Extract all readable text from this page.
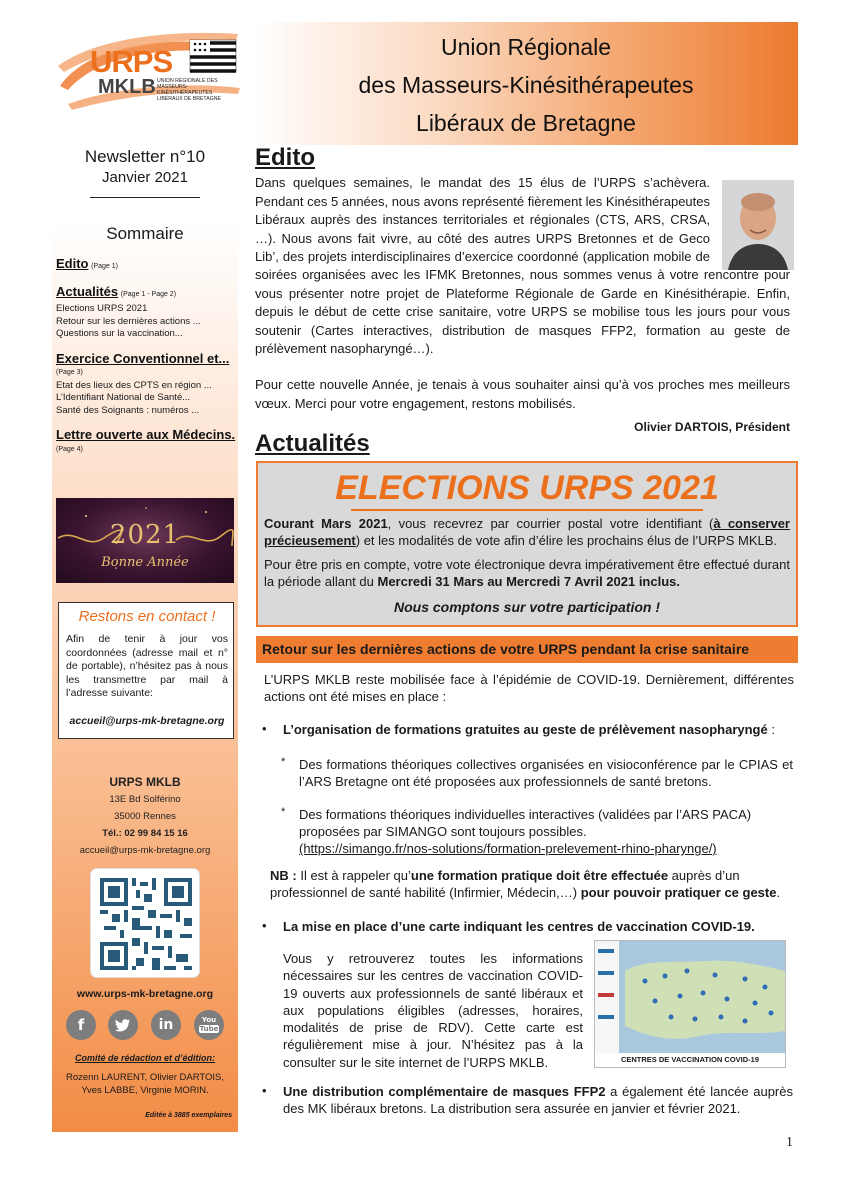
URPS
MKLB UNION RÉGIONALE DES
MASSEURS-KINÉSITHÉRAPEUTES
LIBÉRAUX DE BRETAGNE
Newsletter n°10
Janvier 2021
Sommaire
Edito (Page 1)
Actualités (Page 1 - Page 2)
Elections URPS 2021
Retour sur les dernières actions ...
Questions sur la vaccination...
Exercice Conventionnel et...
(Page 3)
Etat des lieux des CPTS en région ...
L’Identifiant National de Santé...
Santé des Soignants : numéros ...
Lettre ouverte aux Médecins.
(Page 4)
2021
Bonne Année
Restons en contact !
Afin de tenir à jour vos coordonnées (adresse mail et n° de portable), n’hésitez pas à nous les transmettre par mail à l’adresse suivante:
accueil@urps-mk-bretagne.org
URPS MKLB
13E Bd Solférino
35000 Rennes
Tél.: 02 99 84 15 16
accueil@urps-mk-bretagne.org
www.urps-mk-bretagne.org
f	in	You
Tube
Comité de rédaction et d’édition:
Rozenn LAURENT, Olivier DARTOIS,
Yves LABBE, Virginie MORIN.
Editée à 3885 exemplaires
Union Régionale
des Masseurs-Kinésithérapeutes
Libéraux de Bretagne
Edito
Dans quelques semaines, le mandat des 15 élus de l’URPS s’achèvera. Pendant ces 5 années, nous avons représenté fièrement les Kinésithérapeutes Libéraux auprès des instances territoriales et régionales (CTS, ARS, CRSA, …). Nous avons fait vivre, au côté des autres URPS Bretonnes et de Geco Lib’, des projets interdisciplinaires d’exercice coordonné (application mobile de
soirées organisées avec les IFMK Bretonnes, nous sommes venus à votre rencontre pour vous présenter notre projet de Plateforme Régionale de Garde en Kinésithérapie. Enfin, depuis le début de cette crise sanitaire, votre URPS se mobilise tous les jours pour vous soutenir (Cartes interactives, distribution de masques FFP2, formation au geste de prélèvement nasopharyngé…).
Pour cette nouvelle Année, je tenais à vous souhaiter ainsi qu’à vos proches mes meilleurs vœux. Merci pour votre engagement, restons mobilisés.
Olivier DARTOIS, Président
Actualités
ELECTIONS URPS 2021
Courant Mars 2021, vous recevrez par courrier postal votre identifiant (à conserver précieusement) et les modalités de vote afin d’élire les prochains élus de l’URPS MKLB.
Pour être pris en compte, votre vote électronique devra impérativement être effectué durant la période allant du Mercredi 31 Mars au Mercredi 7 Avril 2021 inclus.
Nous comptons sur votre participation !
Retour sur les dernières actions de votre URPS pendant la crise sanitaire
L’URPS MKLB reste mobilisée face à l’épidémie de COVID-19. Dernièrement, différentes actions ont été mises en place :
• L’organisation de formations gratuites au geste de prélèvement nasopharyngé :
* Des formations théoriques collectives organisées en visioconférence par le CPIAS et l’ARS Bretagne ont été proposées aux professionnels de santé bretons.
* Des formations théoriques individuelles interactives (validées par l’ARS PACA) proposées par SIMANGO sont toujours possibles.
(https://simango.fr/nos-solutions/formation-prelevement-rhino-pharynge/)
NB : Il est à rappeler qu’une formation pratique doit être effectuée auprès d’un professionnel de santé habilité (Infirmier, Médecin,…) pour pouvoir pratiquer ce geste.
• La mise en place d’une carte indiquant les centres de vaccination COVID-19.
Vous y retrouverez toutes les informations nécessaires sur les centres de vaccination COVID-19 ouverts aux professionnels de santé libéraux et aux populations éligibles (adresses, horaires, modalités de prise de RDV). Cette carte est régulièrement mise à jour. N’hésitez pas à la consulter sur le site internet de l’URPS MKLB.	CENTRES DE VACCINATION COVID-19
• Une distribution complémentaire de masques FFP2 a également été lancée auprès des MK libéraux bretons. La distribution sera assurée en janvier et février 2021.
1
